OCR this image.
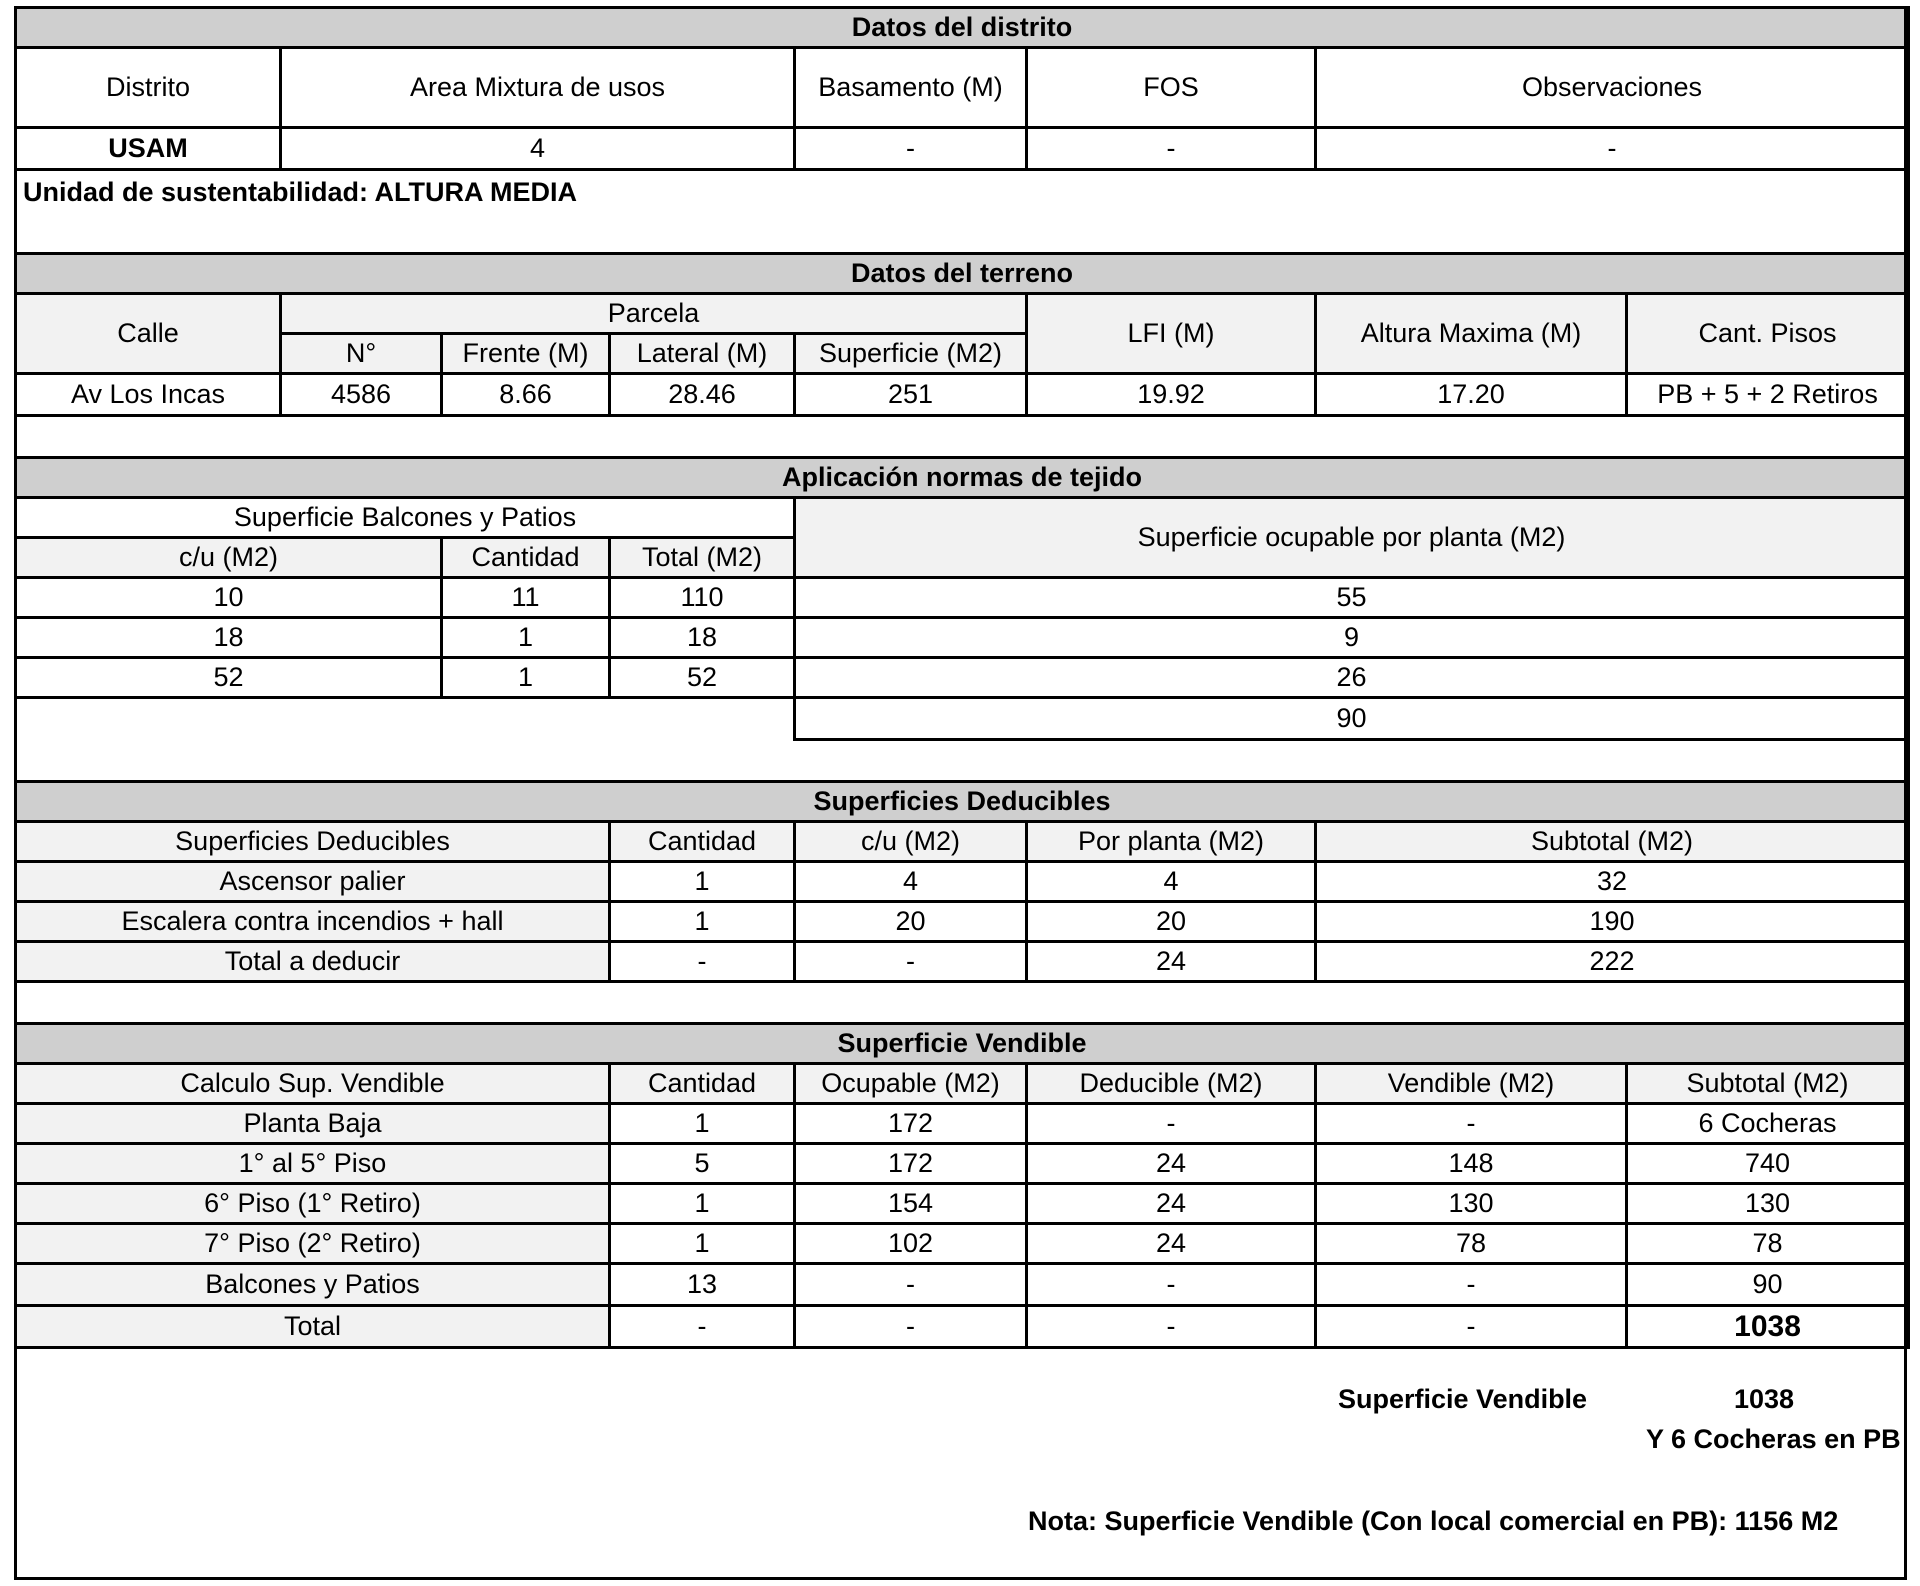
Datos del distrito							
Distrito	Area Mixtura de usos			Basamento (M)	FOS	Observaciones	
USAM	4			-	-	-	
Unidad de sustentabilidad: ALTURA MEDIA							
Datos del terreno							
Calle	Parcela				LFI (M)	Altura Maxima (M)	Cant. Pisos
	N°	Frente (M)	Lateral (M)	Superficie (M2)			
Av Los Incas	4586	8.66	28.46	251	19.92	17.20	PB + 5 + 2 Retiros

Aplicación normas de tejido							
Superficie Balcones y Patios				Superficie ocupable por planta (M2)			
c/u (M2)		Cantidad	Total (M2)				
10		11	110	55			
18		1	18	9			
52		1	52	26			
				90			

Superficies Deducibles							
Superficies Deducibles			Cantidad	c/u (M2)	Por planta (M2)	Subtotal (M2)	
Ascensor palier			1	4	4	32	
Escalera contra incendios + hall			1	20	20	190	
Total a deducir			-	-	24	222	

Superficie Vendible							
Calculo Sup. Vendible			Cantidad	Ocupable (M2)	Deducible (M2)	Vendible (M2)	Subtotal (M2)
Planta Baja			1	172	-	-	6 Cocheras
1° al 5° Piso			5	172	24	148	740
6° Piso (1° Retiro)			1	154	24	130	130
7° Piso (2° Retiro)			1	102	24	78	78
Balcones y Patios			13	-	-	-	90
Total			-	-	-	-	1038
Superficie Vendible	1038
Y 6 Cocheras en PB
Nota: Superficie Vendible (Con local comercial en PB): 1156 M2
